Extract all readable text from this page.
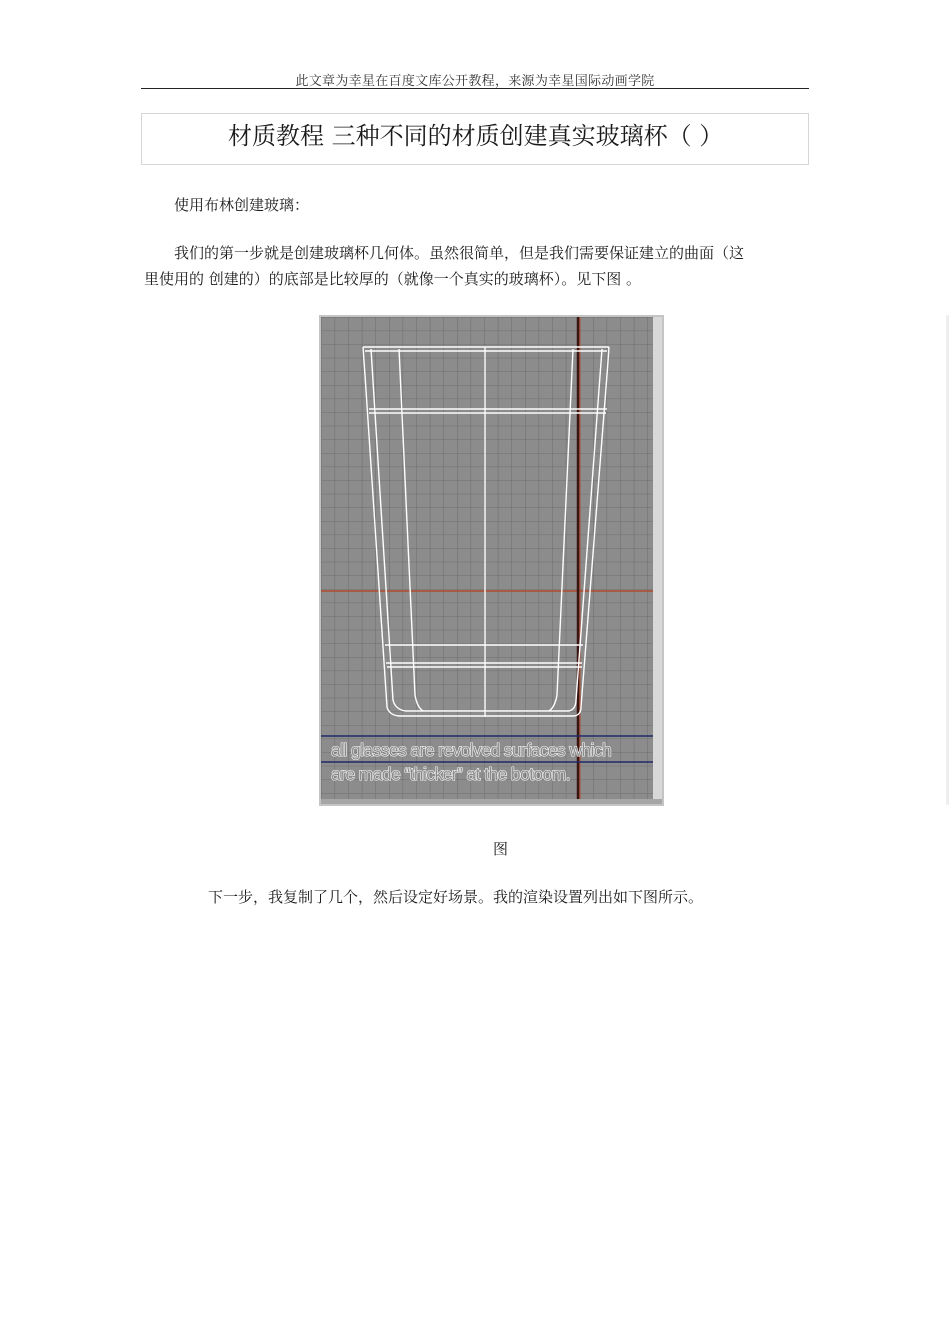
此文章为幸星在百度文库公开教程，来源为幸星国际动画学院
材质教程 三种不同的材质创建真实玻璃杯（ ）
使用布林创建玻璃：
我们的第一步就是创建玻璃杯几何体。虽然很简单，但是我们需要保证建立的曲面（这
里使用的 创建的）的底部是比较厚的（就像一个真实的玻璃杯）。见下图 。
all glasses are revolved surfaces which
are made “thicker” at the botoom.
图
下一步，我复制了几个，然后设定好场景。我的渲染设置列出如下图所示。
